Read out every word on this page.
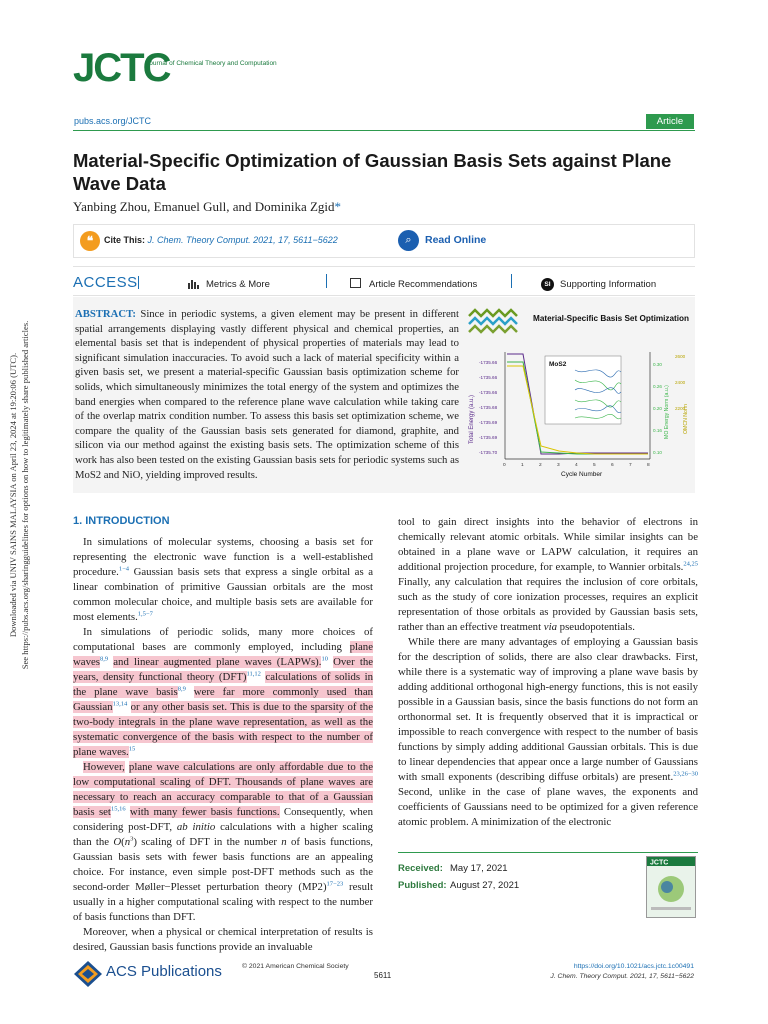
Downloaded via UNIV SAINS MALAYSIA on April 23, 2024 at 19:20:06 (UTC). See https://pubs.acs.org/sharingguidelines for options on how to legitimately share published articles.
JCTC
Journal of Chemical Theory and Computation
pubs.acs.org/JCTC	Article
Material-Specific Optimization of Gaussian Basis Sets against Plane Wave Data
Yanbing Zhou, Emanuel Gull, and Dominika Zgid*
❝	Cite This: J. Chem. Theory Comput. 2021, 17, 5611−5622	⌕	Read Online
ACCESS	Metrics & More	Article Recommendations	SI Supporting Information
ABSTRACT: Since in periodic systems, a given element may be present in different spatial arrangements displaying vastly different physical and chemical properties, an elemental basis set that is independent of physical properties of materials may lead to significant simulation inaccuracies. To avoid such a lack of material specificity within a given basis set, we present a material-specific Gaussian basis optimization scheme for solids, which simultaneously minimizes the total energy of the system and optimizes the band energies when compared to the reference plane wave calculation while taking care of the overlap matrix condition number. To assess this basis set optimization scheme, we compare the quality of the Gaussian basis sets generated for diamond, graphite, and silicon via our method against the existing basis sets. The optimization scheme of this work has also been tested on the existing Gaussian basis sets for periodic systems such as MoS2 and NiO, yielding improved results.
Material-Specific Basis Set Optimization
-1735.66
-1735.66
-1735.66
-1735.68
-1735.69
-1735.69
-1735.70
Total Energy (a.u.)
0.30
0.26
0.20
0.16
0.10
MO Energy Norm (a.u.)
2600
2400
2200
OMCN Norm
0	1	2	3	4	5	6	7	8
Cycle Number
MoS2
1. INTRODUCTION

In simulations of molecular systems, choosing a basis set for representing the electronic wave function is a well-established procedure.$^{1-4}$ Gaussian basis sets that express a single orbital as a linear combination of primitive Gaussian orbitals are the most common molecular choice, and multiple basis sets are available for most elements.$^{1,5-7}$

In simulations of periodic solids, many more choices of computational bases are commonly employed, including plane waves$^{8,9}$ and linear augmented plane waves (LAPWs).$^{10}$ Over the years, density functional theory (DFT)$^{11,12}$ calculations of solids in the plane wave basis$^{8,9}$ were far more commonly used than Gaussian$^{13,14}$ or any other basis set. This is due to the sparsity of the two-body integrals in the plane wave representation, as well as the systematic convergence of the basis with respect to the number of plane waves.$^{15}$

However, plane wave calculations are only affordable due to the low computational scaling of DFT. Thousands of plane waves are necessary to reach an accuracy comparable to that of a Gaussian basis set$^{15,16}$ with many fewer basis functions. Consequently, when considering post-DFT, ab initio calculations with a higher scaling than the $O(n^3)$ scaling of DFT in the number n of basis functions, Gaussian basis sets with fewer basis functions are an appealing choice. For instance, even simple post-DFT methods such as the second-order Møller−Plesset perturbation theory $(MP2)^{17-23}$ result usually in a higher computational scaling with respect to the number of basis functions than DFT.

Moreover, when a physical or chemical interpretation of results is desired, Gaussian basis functions provide an invaluable

tool to gain direct insights into the behavior of electrons in chemically relevant atomic orbitals. While similar insights can be obtained in a plane wave or LAPW calculation, it requires an additional projection procedure, for example, to Wannier orbitals.$^{24,25}$ Finally, any calculation that requires the inclusion of core orbitals, such as the study of core ionization processes, requires an explicit representation of those orbitals as provided by Gaussian basis sets, rather than an effective treatment via pseudopotentials.

While there are many advantages of employing a Gaussian basis for the description of solids, there are also clear drawbacks. First, while there is a systematic way of improving a plane wave basis by adding additional orthogonal high-energy functions, this is not easily possible in a Gaussian basis, since the basis functions do not form an orthonormal set. It is frequently observed that it is impractical or impossible to reach convergence with respect to the number of basis functions by simply adding additional Gaussian orbitals. This is due to linear dependencies that appear once a large number of Gaussians with small exponents (describing diffuse orbitals) are present.$^{23,26-30}$ Second, unlike in the case of plane waves, the exponents and coefficients of Gaussians need to be optimized for a given reference atomic problem. A minimization of the electronic

Received: May 17, 2021
Published: August 27, 2021
JCTC
ACS Publications	© 2021 American Chemical Society
5611
https://doi.org/10.1021/acs.jctc.1c00491
J. Chem. Theory Comput. 2021, 17, 5611−5622
